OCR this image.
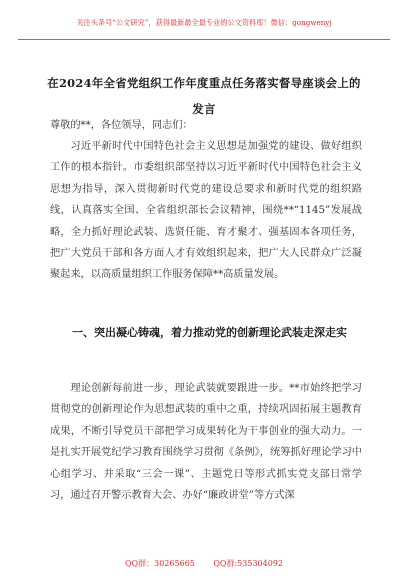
关注头条号“公文研究”，获得最新最全最专业的公文资料库！微信：gongwenyj
在2024年全省党组织工作年度重点任务落实督导座谈会上的发言
尊敬的**，各位领导，同志们：
习近平新时代中国特色社会主义思想是加强党的建设、做好组织工作的根本指针。市委组织部坚持以习近平新时代中国特色社会主义思想为指导，深入贯彻新时代党的建设总要求和新时代党的组织路线，认真落实全国、全省组织部长会议精神，围绕**“1145”发展战略，全力抓好理论武装、选贤任能、育才聚才、强基固本各项任务，把广大党员干部和各方面人才有效组织起来，把广大人民群众广泛凝聚起来，以高质量组织工作服务保障**高质量发展。
一、突出凝心铸魂，着力推动党的创新理论武装走深走实
理论创新每前进一步，理论武装就要跟进一步。**市始终把学习贯彻党的创新理论作为思想武装的重中之重，持续巩固拓展主题教育成果，不断引导党员干部把学习成果转化为干事创业的强大动力。一是扎实开展党纪学习教育围绕学习贯彻《条例》，统筹抓好理论学习中心组学习、并采取“三会一课”、主题党日等形式抓实党支部日常学习，通过召开警示教育大会、办好“廉政讲堂”等方式深
QQ群：30265665 QQ群:535304092
